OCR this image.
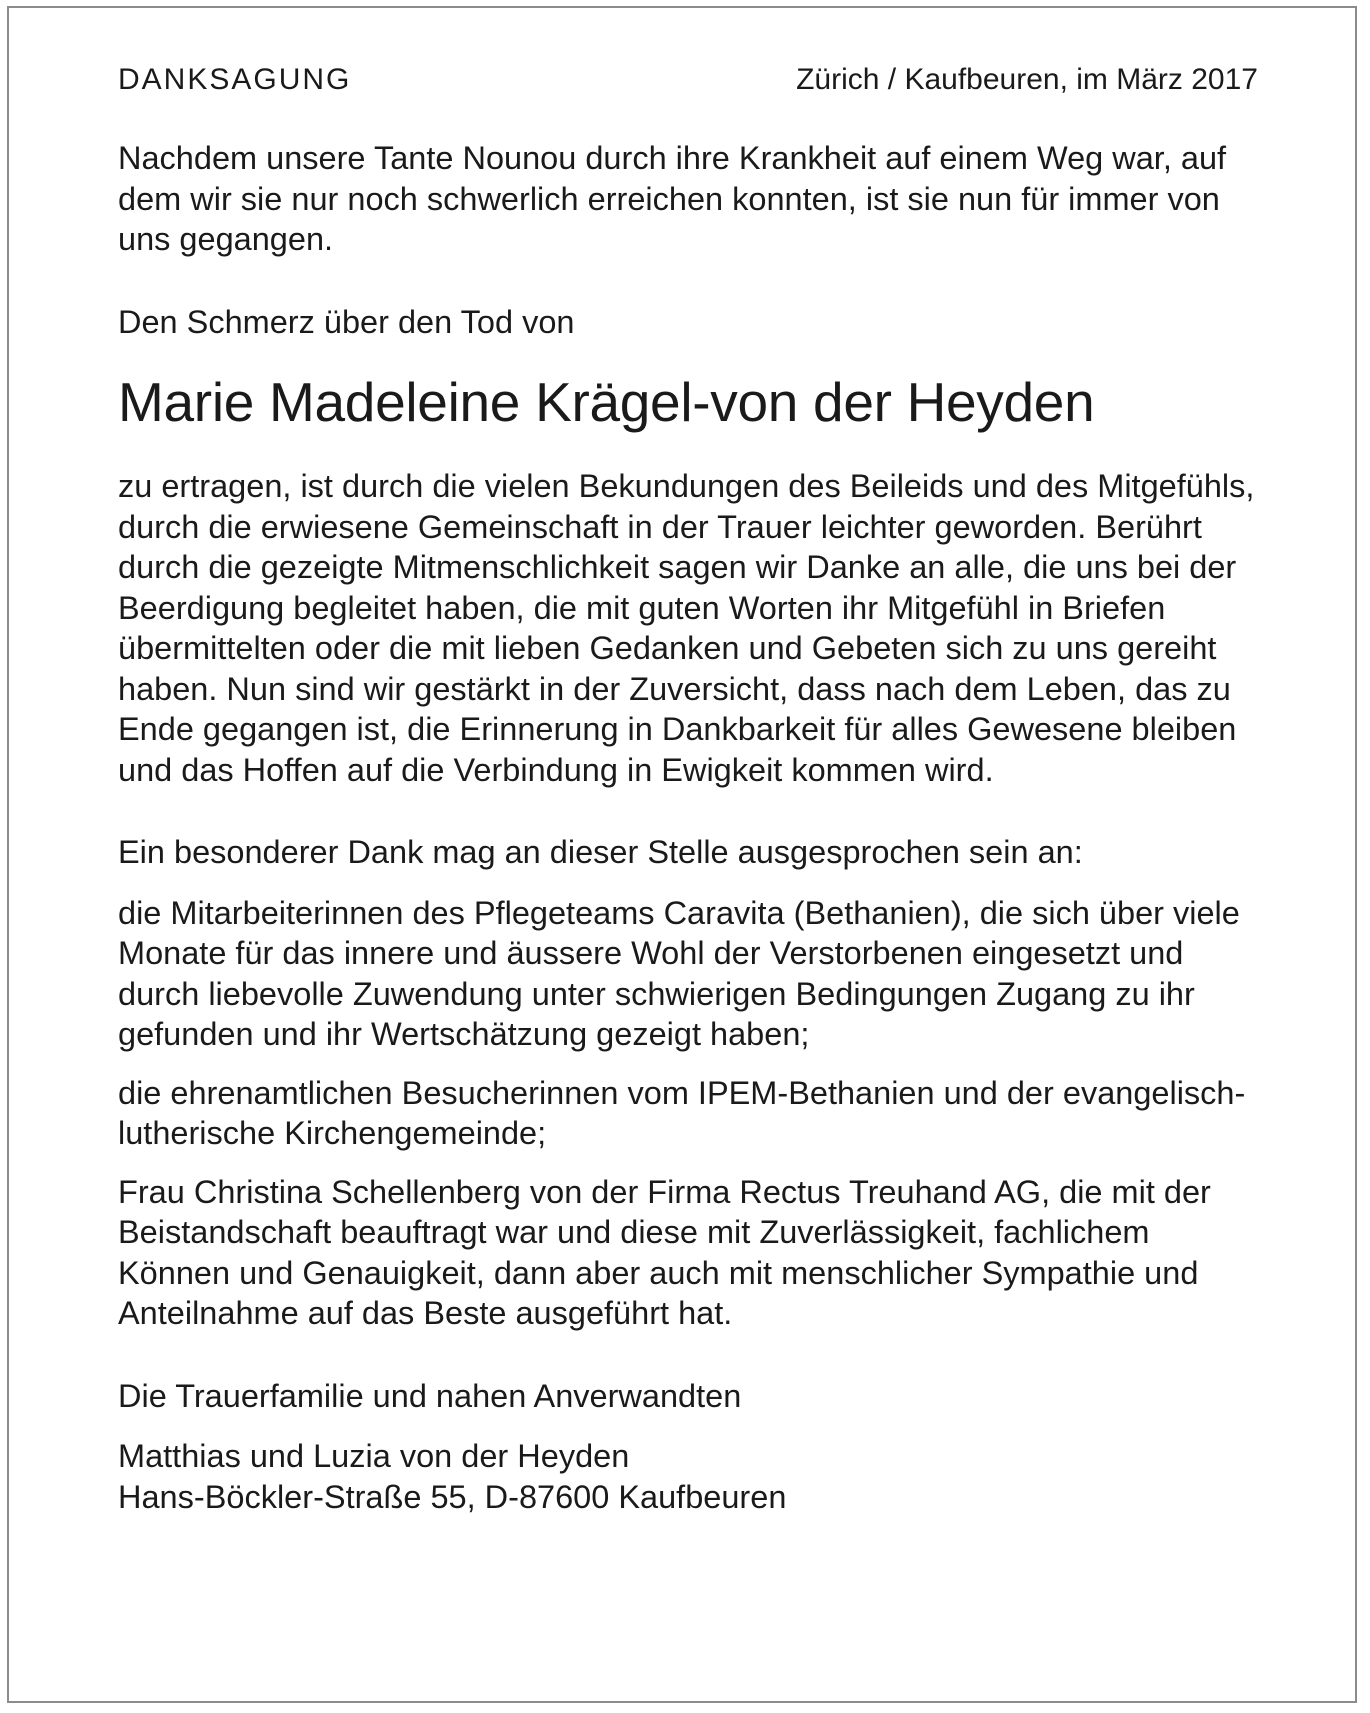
DANKSAGUNG	Zürich / Kaufbeuren, im März 2017

Nachdem unsere Tante Nounou durch ihre Krankheit auf einem Weg war, auf dem wir sie nur noch schwerlich erreichen konnten, ist sie nun für immer von uns gegangen.

Den Schmerz über den Tod von

Marie Madeleine Krägel-von der Heyden

zu ertragen, ist durch die vielen Bekundungen des Beileids und des Mitgefühls, durch die erwiesene Gemeinschaft in der Trauer leichter geworden. Berührt durch die gezeigte Mitmenschlichkeit sagen wir Danke an alle, die uns bei der Beerdigung begleitet haben, die mit guten Worten ihr Mitgefühl in Briefen übermittelten oder die mit lieben Gedanken und Gebeten sich zu uns gereiht haben. Nun sind wir gestärkt in der Zuversicht, dass nach dem Leben, das zu Ende gegangen ist, die Erinnerung in Dankbarkeit für alles Gewesene bleiben und das Hoffen auf die Verbindung in Ewigkeit kommen wird.

Ein besonderer Dank mag an dieser Stelle ausgesprochen sein an:

die Mitarbeiterinnen des Pflegeteams Caravita (Bethanien), die sich über viele Monate für das innere und äussere Wohl der Verstorbenen eingesetzt und durch liebevolle Zuwendung unter schwierigen Bedingungen Zugang zu ihr gefunden und ihr Wertschätzung gezeigt haben;

die ehrenamtlichen Besucherinnen vom IPEM-Bethanien und der evangelisch-lutherische Kirchengemeinde;

Frau Christina Schellenberg von der Firma Rectus Treuhand AG, die mit der Beistandschaft beauftragt war und diese mit Zuverlässigkeit, fachlichem Können und Genauigkeit, dann aber auch mit menschlicher Sympathie und Anteilnahme auf das Beste ausgeführt hat.

Die Trauerfamilie und nahen Anverwandten

Matthias und Luzia von der Heyden
Hans-Böckler-Straße 55, D-87600 Kaufbeuren
